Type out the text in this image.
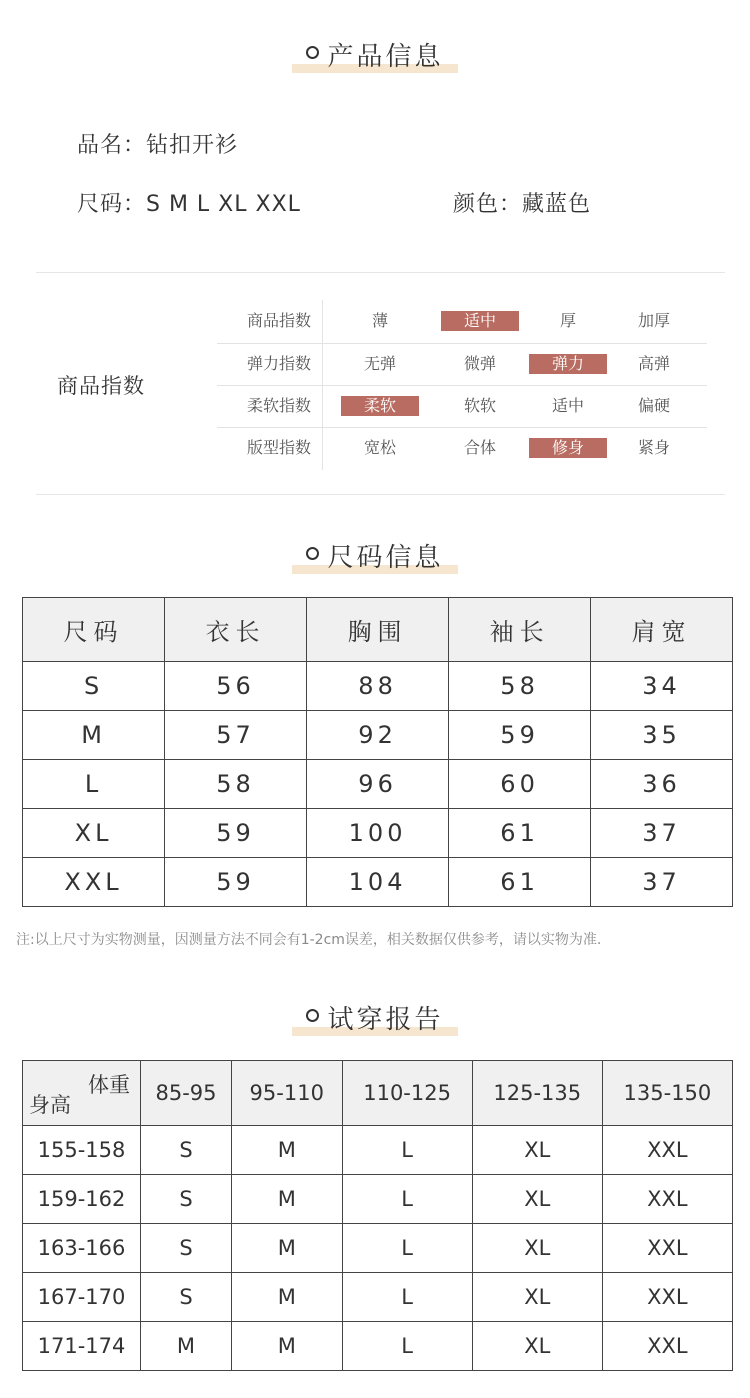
产品信息
品名：钻扣开衫
尺码：S M L XL XXL	颜色：藏蓝色
商品指数
商品指数	薄	适中	厚	加厚
弹力指数	无弹	微弹	弹力	高弹
柔软指数	柔软	软软	适中	偏硬
版型指数	宽松	合体	修身	紧身
尺码信息
尺码	衣长	胸围	袖长	肩宽
S	56	88	58	34
M	57	92	59	35
L	58	96	60	36
XL	59	100	61	37
XXL	59	104	61	37
注:以上尺寸为实物测量，因测量方法不同会有1-2cm误差，相关数据仅供参考，请以实物为准.
试穿报告
体重
身高	85-95	95-110	110-125	125-135	135-150
155-158	S	M	L	XL	XXL
159-162	S	M	L	XL	XXL
163-166	S	M	L	XL	XXL
167-170	S	M	L	XL	XXL
171-174	M	M	L	XL	XXL
